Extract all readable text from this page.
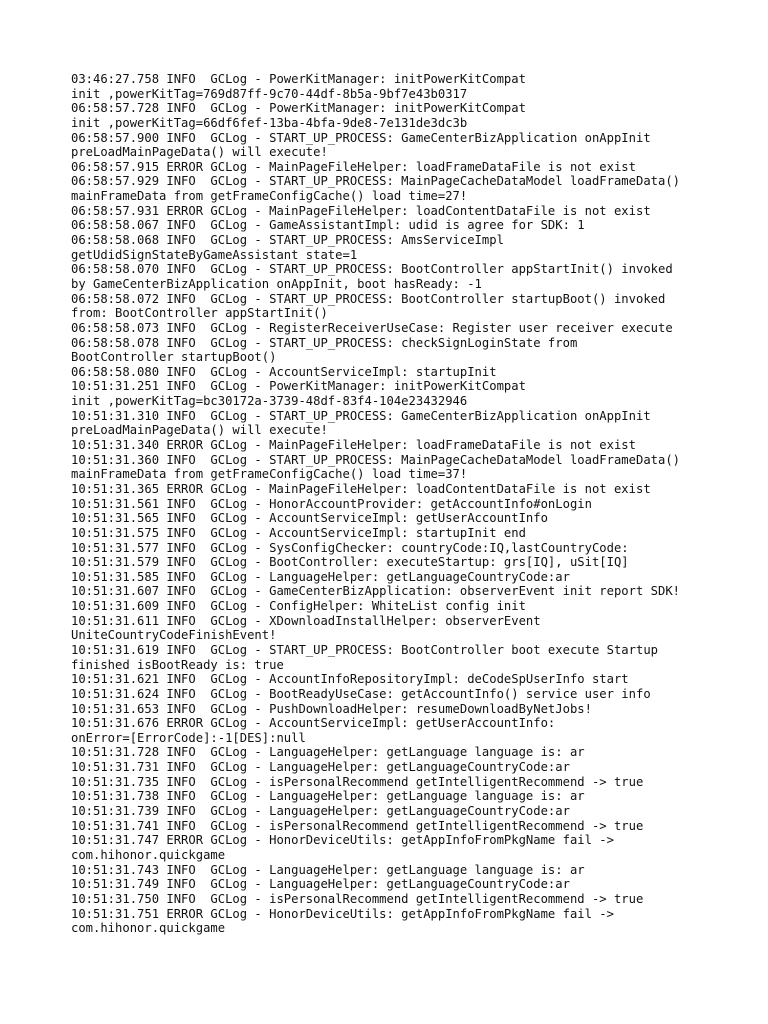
03:46:27.758 INFO  GCLog - PowerKitManager: initPowerKitCompat
init ,powerKitTag=769d87ff-9c70-44df-8b5a-9bf7e43b0317
06:58:57.728 INFO  GCLog - PowerKitManager: initPowerKitCompat
init ,powerKitTag=66df6fef-13ba-4bfa-9de8-7e131de3dc3b
06:58:57.900 INFO  GCLog - START_UP_PROCESS: GameCenterBizApplication onAppInit
preLoadMainPageData() will execute!
06:58:57.915 ERROR GCLog - MainPageFileHelper: loadFrameDataFile is not exist
06:58:57.929 INFO  GCLog - START_UP_PROCESS: MainPageCacheDataModel loadFrameData()
mainFrameData from getFrameConfigCache() load time=27!
06:58:57.931 ERROR GCLog - MainPageFileHelper: loadContentDataFile is not exist
06:58:58.067 INFO  GCLog - GameAssistantImpl: udid is agree for SDK: 1
06:58:58.068 INFO  GCLog - START_UP_PROCESS: AmsServiceImpl
getUdidSignStateByGameAssistant state=1
06:58:58.070 INFO  GCLog - START_UP_PROCESS: BootController appStartInit() invoked
by GameCenterBizApplication onAppInit, boot hasReady: -1
06:58:58.072 INFO  GCLog - START_UP_PROCESS: BootController startupBoot() invoked
from: BootController appStartInit()
06:58:58.073 INFO  GCLog - RegisterReceiverUseCase: Register user receiver execute
06:58:58.078 INFO  GCLog - START_UP_PROCESS: checkSignLoginState from
BootController startupBoot()
06:58:58.080 INFO  GCLog - AccountServiceImpl: startupInit
10:51:31.251 INFO  GCLog - PowerKitManager: initPowerKitCompat
init ,powerKitTag=bc30172a-3739-48df-83f4-104e23432946
10:51:31.310 INFO  GCLog - START_UP_PROCESS: GameCenterBizApplication onAppInit
preLoadMainPageData() will execute!
10:51:31.340 ERROR GCLog - MainPageFileHelper: loadFrameDataFile is not exist
10:51:31.360 INFO  GCLog - START_UP_PROCESS: MainPageCacheDataModel loadFrameData()
mainFrameData from getFrameConfigCache() load time=37!
10:51:31.365 ERROR GCLog - MainPageFileHelper: loadContentDataFile is not exist
10:51:31.561 INFO  GCLog - HonorAccountProvider: getAccountInfo#onLogin
10:51:31.565 INFO  GCLog - AccountServiceImpl: getUserAccountInfo
10:51:31.575 INFO  GCLog - AccountServiceImpl: startupInit end
10:51:31.577 INFO  GCLog - SysConfigChecker: countryCode:IQ,lastCountryCode:
10:51:31.579 INFO  GCLog - BootController: executeStartup: grs[IQ], uSit[IQ]
10:51:31.585 INFO  GCLog - LanguageHelper: getLanguageCountryCode:ar
10:51:31.607 INFO  GCLog - GameCenterBizApplication: observerEvent init report SDK!
10:51:31.609 INFO  GCLog - ConfigHelper: WhiteList config init
10:51:31.611 INFO  GCLog - XDownloadInstallHelper: observerEvent
UniteCountryCodeFinishEvent!
10:51:31.619 INFO  GCLog - START_UP_PROCESS: BootController boot execute Startup
finished isBootReady is: true
10:51:31.621 INFO  GCLog - AccountInfoRepositoryImpl: deCodeSpUserInfo start
10:51:31.624 INFO  GCLog - BootReadyUseCase: getAccountInfo() service user info
10:51:31.653 INFO  GCLog - PushDownloadHelper: resumeDownloadByNetJobs!
10:51:31.676 ERROR GCLog - AccountServiceImpl: getUserAccountInfo:
onError=[ErrorCode]:-1[DES]:null
10:51:31.728 INFO  GCLog - LanguageHelper: getLanguage language is: ar
10:51:31.731 INFO  GCLog - LanguageHelper: getLanguageCountryCode:ar
10:51:31.735 INFO  GCLog - isPersonalRecommend getIntelligentRecommend -> true
10:51:31.738 INFO  GCLog - LanguageHelper: getLanguage language is: ar
10:51:31.739 INFO  GCLog - LanguageHelper: getLanguageCountryCode:ar
10:51:31.741 INFO  GCLog - isPersonalRecommend getIntelligentRecommend -> true
10:51:31.747 ERROR GCLog - HonorDeviceUtils: getAppInfoFromPkgName fail ->
com.hihonor.quickgame
10:51:31.743 INFO  GCLog - LanguageHelper: getLanguage language is: ar
10:51:31.749 INFO  GCLog - LanguageHelper: getLanguageCountryCode:ar
10:51:31.750 INFO  GCLog - isPersonalRecommend getIntelligentRecommend -> true
10:51:31.751 ERROR GCLog - HonorDeviceUtils: getAppInfoFromPkgName fail ->
com.hihonor.quickgame
